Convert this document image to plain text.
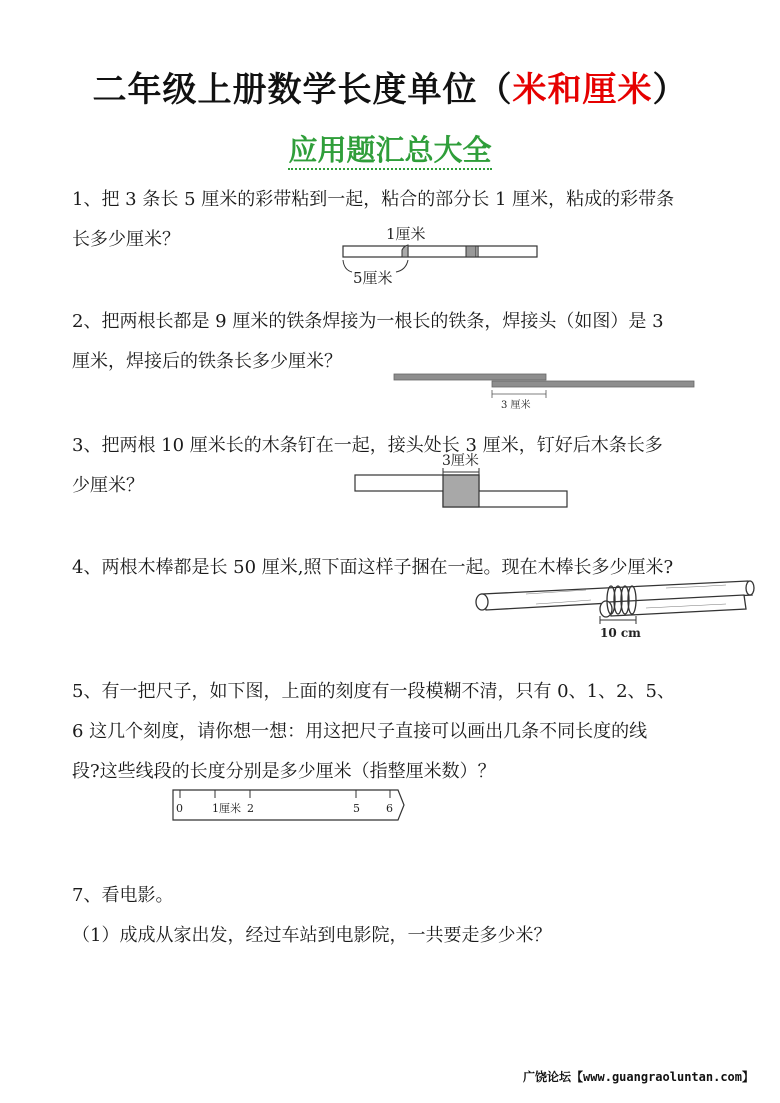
二年级上册数学长度单位（米和厘米）
应用题汇总大全
1、把 3 条长 5 厘米的彩带粘到一起，粘合的部分长 1 厘米，粘成的彩带条
长多少厘米？	1厘米
5厘米
2、把两根长都是 9 厘米的铁条焊接为一根长的铁条，焊接头（如图）是 3
厘米，焊接后的铁条长多少厘米？
3 厘米
3、把两根 10 厘米长的木条钉在一起，接头处长 3 厘米，钉好后木条长多
少厘米？
3厘米
4、两根木棒都是长 50 厘米,照下面这样子捆在一起。现在木棒长多少厘米?
10 cm
5、有一把尺子，如下图，上面的刻度有一段模糊不清，只有 0、1、2、5、
6 这几个刻度，请你想一想：用这把尺子直接可以画出几条不同长度的线
段?这些线段的长度分别是多少厘米（指整厘米数）？
0	1厘米 2	5 6
7、看电影。
（1）成成从家出发，经过车站到电影院，一共要走多少米？
广饶论坛【www.guangraoluntan.com】
